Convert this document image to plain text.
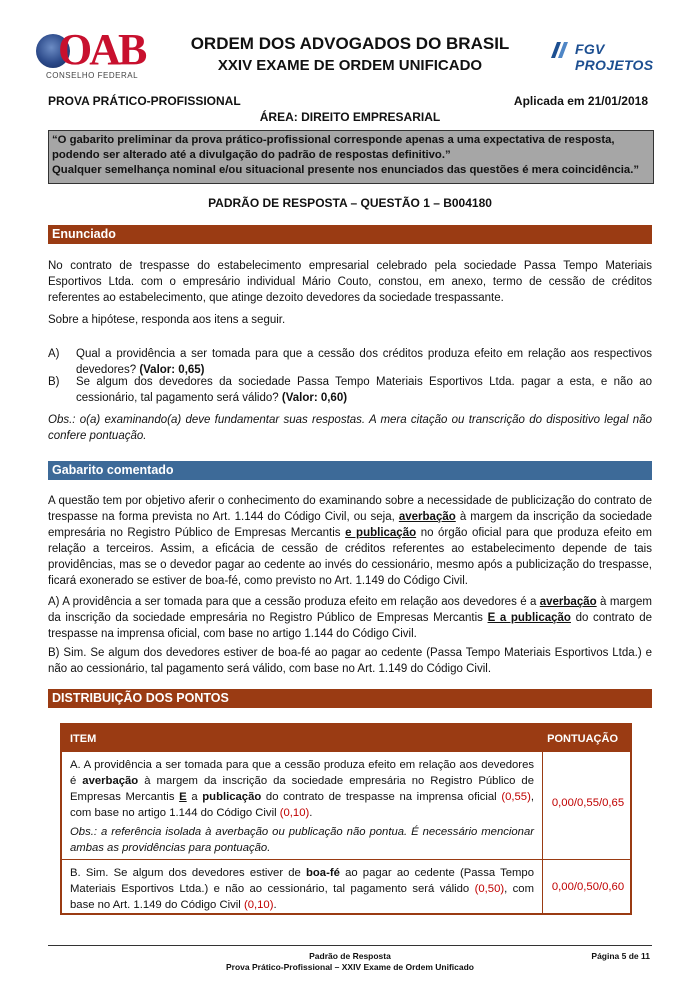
OAB
CONSELHO FEDERAL
ORDEM DOS ADVOGADOS DO BRASIL
XXIV EXAME DE ORDEM UNIFICADO
FGV PROJETOS
PROVA PRÁTICO-PROFISSIONAL	Aplicada em 21/01/2018
ÁREA: DIREITO EMPRESARIAL
“O gabarito preliminar da prova prático-profissional corresponde apenas a uma expectativa de resposta, podendo ser alterado até a divulgação do padrão de respostas definitivo.”
Qualquer semelhança nominal e/ou situacional presente nos enunciados das questões é mera coincidência.”
PADRÃO DE RESPOSTA – QUESTÃO 1 – B004180
Enunciado
No contrato de trespasse do estabelecimento empresarial celebrado pela sociedade Passa Tempo Materiais Esportivos Ltda. com o empresário individual Mário Couto, constou, em anexo, termo de cessão de créditos referentes ao estabelecimento, que atinge dezoito devedores da sociedade trespassante.
Sobre a hipótese, responda aos itens a seguir.
A) Qual a providência a ser tomada para que a cessão dos créditos produza efeito em relação aos respectivos devedores? (Valor: 0,65)
B) Se algum dos devedores da sociedade Passa Tempo Materiais Esportivos Ltda. pagar a esta, e não ao cessionário, tal pagamento será válido? (Valor: 0,60)
Obs.: o(a) examinando(a) deve fundamentar suas respostas. A mera citação ou transcrição do dispositivo legal não confere pontuação.
Gabarito comentado
A questão tem por objetivo aferir o conhecimento do examinando sobre a necessidade de publicização do contrato de trespasse na forma prevista no Art. 1.144 do Código Civil, ou seja, averbação à margem da inscrição da sociedade empresária no Registro Público de Empresas Mercantis e publicação no órgão oficial para que produza efeito em relação a terceiros. Assim, a eficácia de cessão de créditos referentes ao estabelecimento depende de tais providências, mas se o devedor pagar ao cedente ao invés do cessionário, mesmo após a publicização do trespasse, ficará exonerado se estiver de boa-fé, como previsto no Art. 1.149 do Código Civil.
A) A providência a ser tomada para que a cessão produza efeito em relação aos devedores é a averbação à margem da inscrição da sociedade empresária no Registro Público de Empresas Mercantis E a publicação do contrato de trespasse na imprensa oficial, com base no artigo 1.144 do Código Civil.
B) Sim. Se algum dos devedores estiver de boa-fé ao pagar ao cedente (Passa Tempo Materiais Esportivos Ltda.) e não ao cessionário, tal pagamento será válido, com base no Art. 1.149 do Código Civil.
DISTRIBUIÇÃO DOS PONTOS
ITEM	PONTUAÇÃO
A. A providência a ser tomada para que a cessão produza efeito em relação aos devedores é averbação à margem da inscrição da sociedade empresária no Registro Público de Empresas Mercantis E a publicação do contrato de trespasse na imprensa oficial (0,55), com base no artigo 1.144 do Código Civil (0,10).
Obs.: a referência isolada à averbação ou publicação não pontua. É necessário mencionar ambas as providências para pontuação.
0,00/0,55/0,65
B. Sim. Se algum dos devedores estiver de boa-fé ao pagar ao cedente (Passa Tempo Materiais Esportivos Ltda.) e não ao cessionário, tal pagamento será válido (0,50), com base no Art. 1.149 do Código Civil (0,10).
0,00/0,50/0,60
Padrão de Resposta
Prova Prático-Profissional – XXIV Exame de Ordem Unificado
Página 5 de 11
